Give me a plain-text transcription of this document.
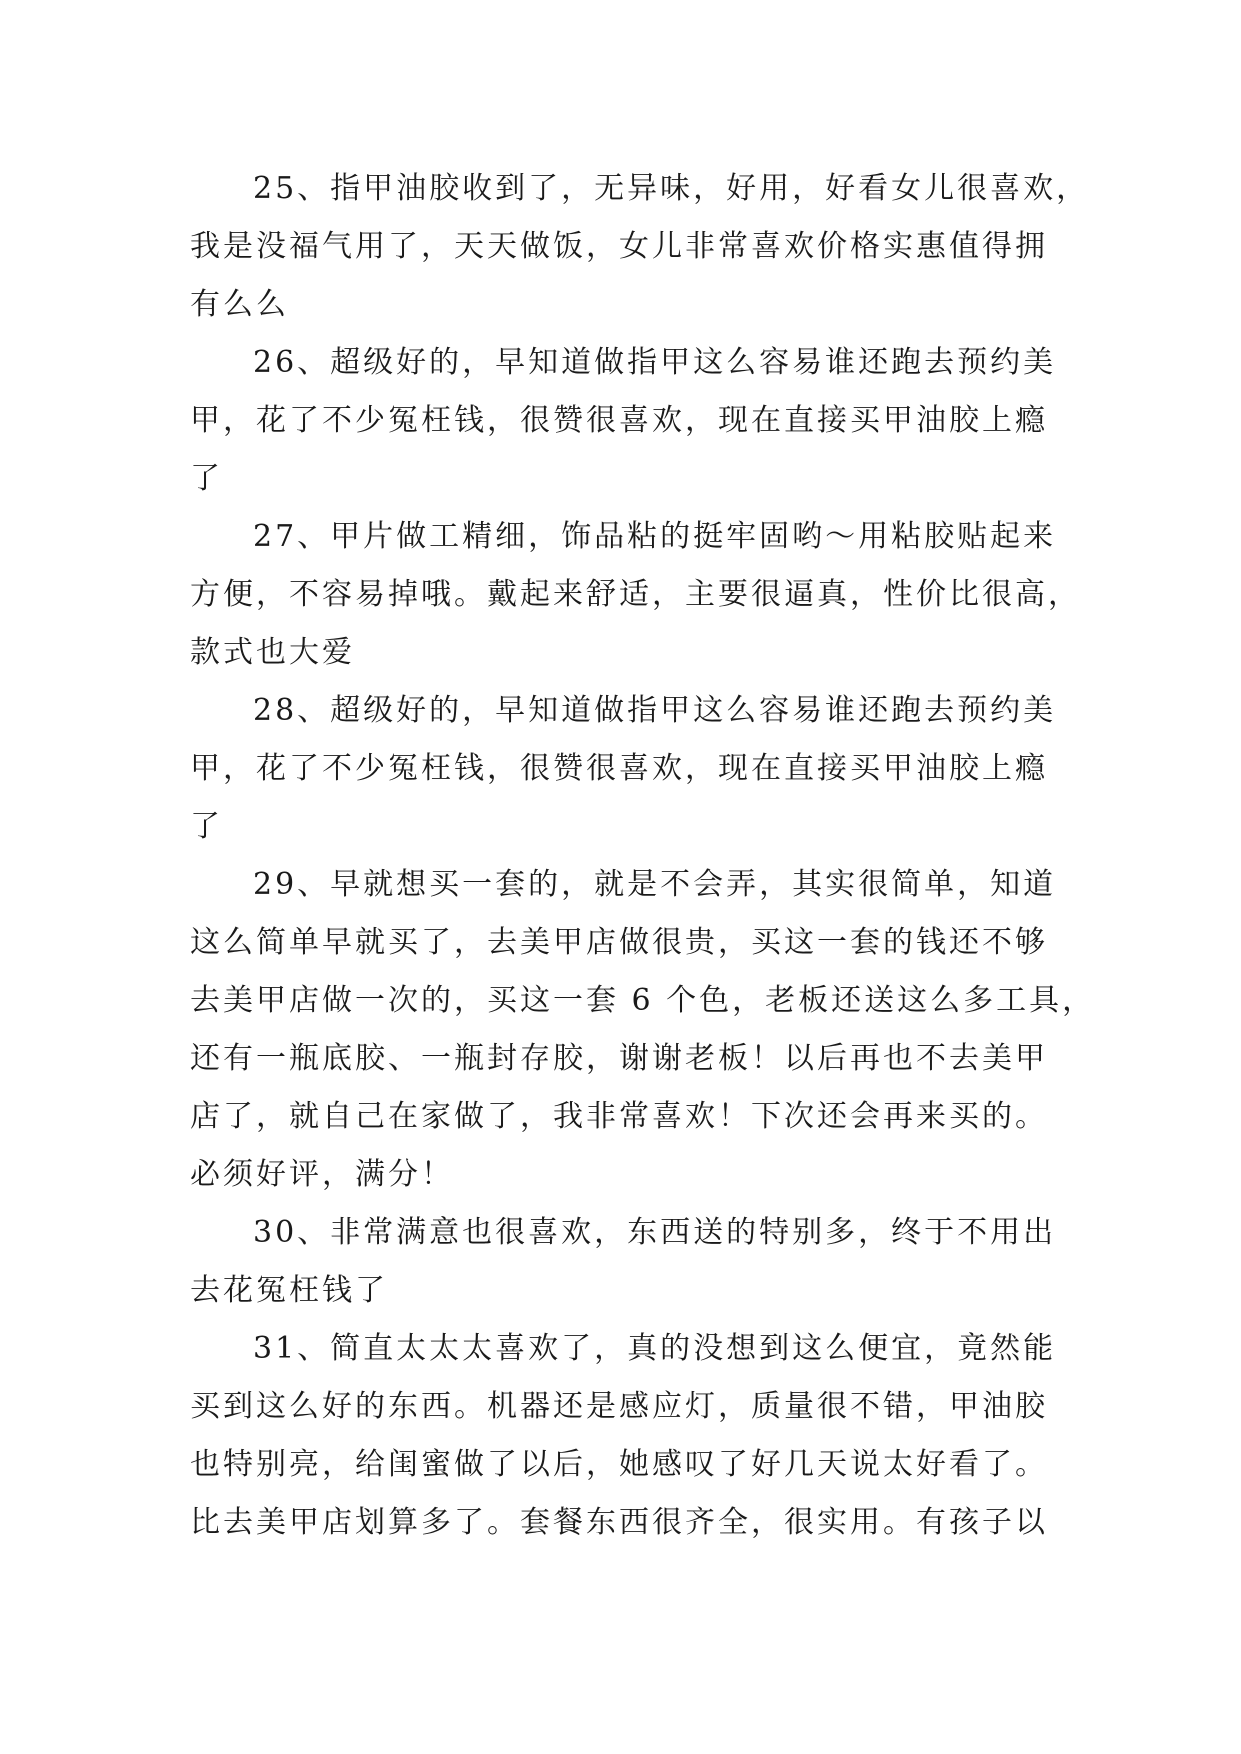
25、指甲油胶收到了，无异味，好用，好看女儿很喜欢，
我是没福气用了，天天做饭，女儿非常喜欢价格实惠值得拥
有么么

26、超级好的，早知道做指甲这么容易谁还跑去预约美
甲，花了不少冤枉钱，很赞很喜欢，现在直接买甲油胶上瘾
了

27、甲片做工精细，饰品粘的挺牢固哟～用粘胶贴起来
方便，不容易掉哦。戴起来舒适，主要很逼真，性价比很高，
款式也大爱

28、超级好的，早知道做指甲这么容易谁还跑去预约美
甲，花了不少冤枉钱，很赞很喜欢，现在直接买甲油胶上瘾
了

29、早就想买一套的，就是不会弄，其实很简单，知道
这么简单早就买了，去美甲店做很贵，买这一套的钱还不够
去美甲店做一次的，买这一套 6 个色，老板还送这么多工具，
还有一瓶底胶、一瓶封存胶，谢谢老板！以后再也不去美甲
店了，就自己在家做了，我非常喜欢！下次还会再来买的。
必须好评，满分！

30、非常满意也很喜欢，东西送的特别多，终于不用出
去花冤枉钱了

31、简直太太太喜欢了，真的没想到这么便宜，竟然能
买到这么好的东西。机器还是感应灯，质量很不错，甲油胶
也特别亮，给闺蜜做了以后，她感叹了好几天说太好看了。
比去美甲店划算多了。套餐东西很齐全，很实用。有孩子以
